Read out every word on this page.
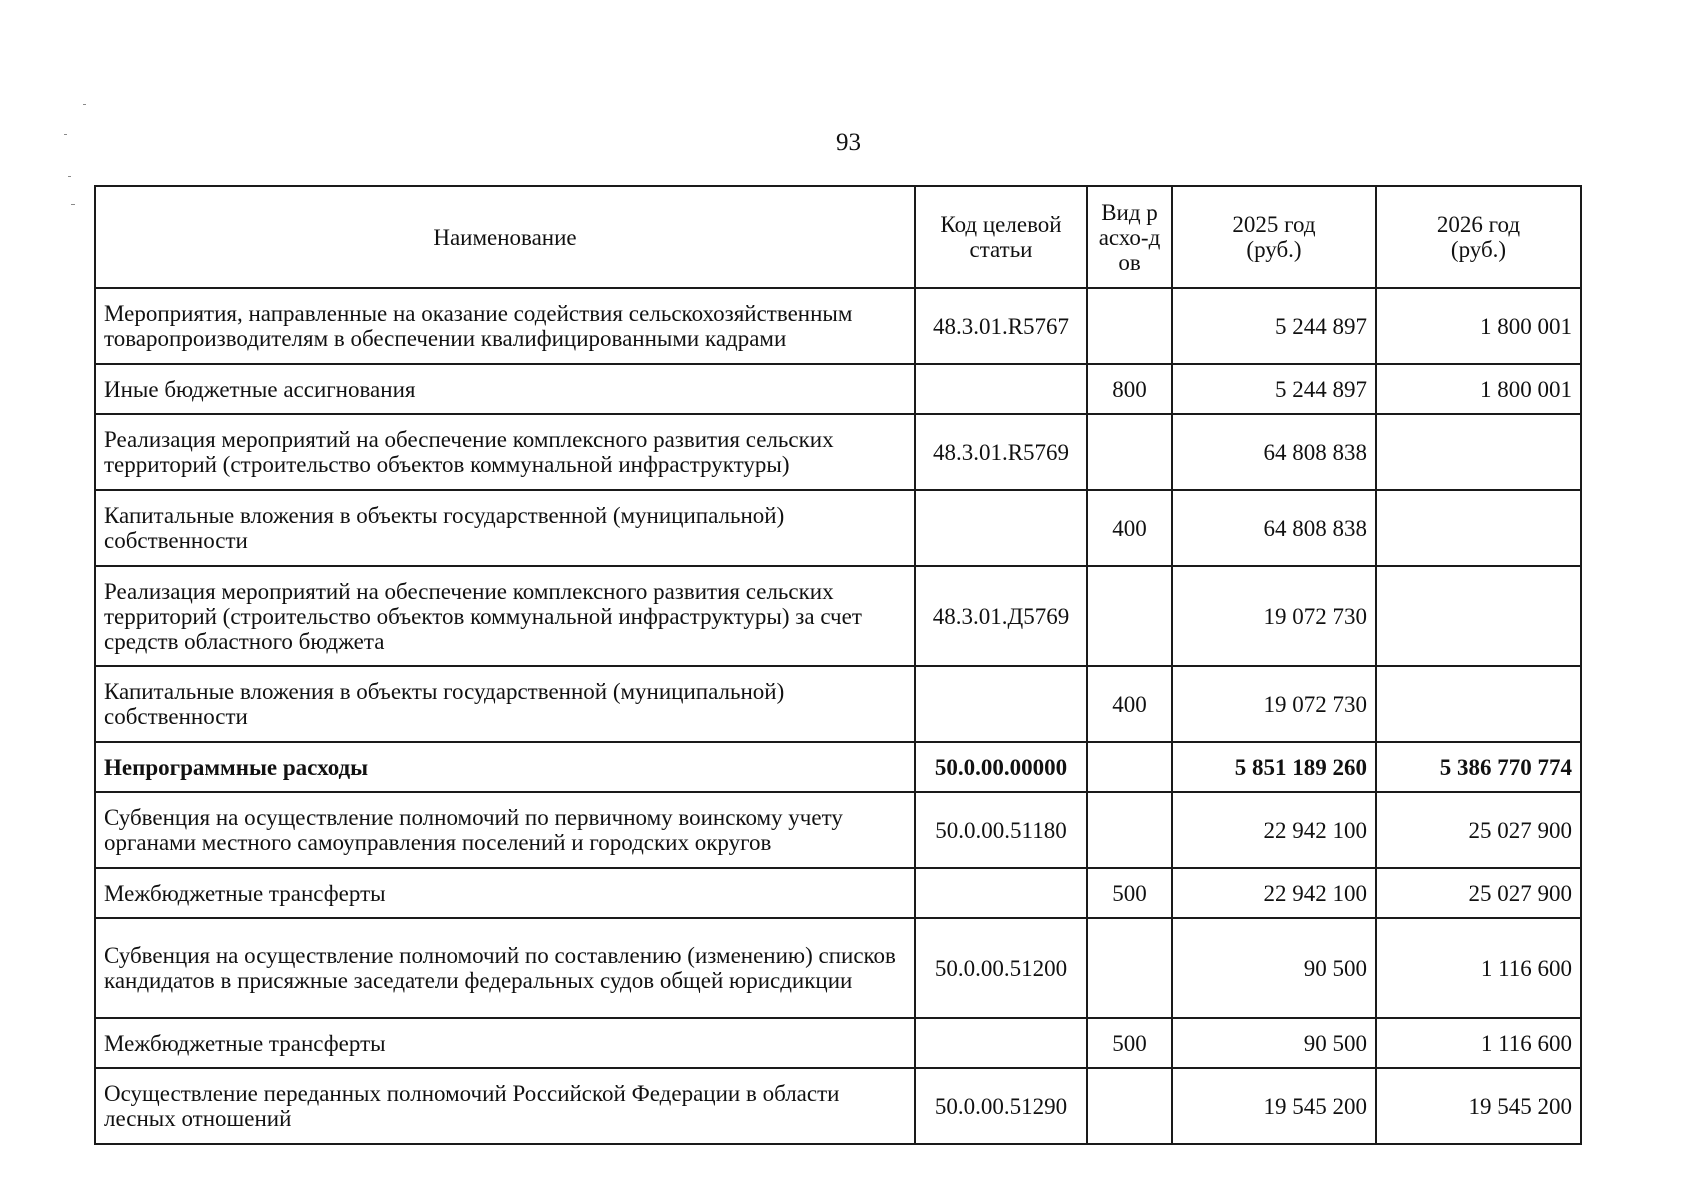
93
Наименование	Код целевой статьи	Вид расхо-дов	2025 год (руб.)	2026 год (руб.)

Мероприятия, направленные на оказание содействия сельскохозяйственным товаропроизводителям в обеспечении квалифицированными кадрами	48.3.01.R5767		5 244 897	1 800 001
Иные бюджетные ассигнования		800	5 244 897	1 800 001
Реализация мероприятий на обеспечение комплексного развития сельских территорий (строительство объектов коммунальной инфраструктуры)	48.3.01.R5769		64 808 838	
Капитальные вложения в объекты государственной (муниципальной) собственности		400	64 808 838	
Реализация мероприятий на обеспечение комплексного развития сельских территорий (строительство объектов коммунальной инфраструктуры) за счет средств областного бюджета	48.3.01.Д5769		19 072 730	
Капитальные вложения в объекты государственной (муниципальной) собственности		400	19 072 730	
Непрограммные расходы	50.0.00.00000		5 851 189 260	5 386 770 774
Субвенция на осуществление полномочий по первичному воинскому учету органами местного самоуправления поселений и городских округов	50.0.00.51180		22 942 100	25 027 900
Межбюджетные трансферты		500	22 942 100	25 027 900
Субвенция на осуществление полномочий по составлению (изменению) списков кандидатов в присяжные заседатели федеральных судов общей юрисдикции	50.0.00.51200		90 500	1 116 600
Межбюджетные трансферты		500	90 500	1 116 600
Осуществление переданных полномочий Российской Федерации в области лесных отношений	50.0.00.51290		19 545 200	19 545 200
